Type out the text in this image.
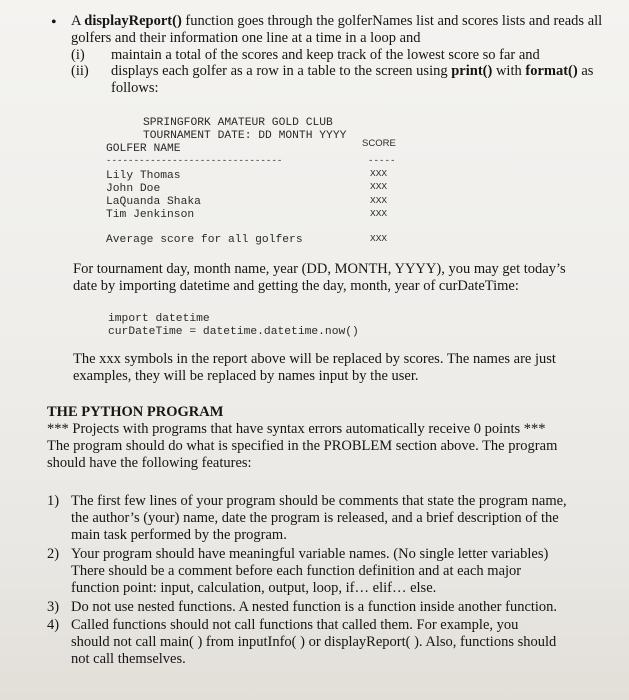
• A displayReport() function goes through the golferNames list and scores lists and reads all
golfers and their information one line at a time in a loop and
(i) maintain a total of the scores and keep track of the lowest score so far and
(ii) displays each golfer as a row in a table to the screen using print() with format() as
follows:
SPRINGFORK AMATEUR GOLD CLUB
TOURNAMENT DATE: DD MONTH YYYY
GOLFER NAME	SCORE
--------------------------------	-----
Lily Thomas	XXX
John Doe	XXX
LaQuanda Shaka	XXX
Tim Jenkinson	XXX
Average score for all golfers	XXX
For tournament day, month name, year (DD, MONTH, YYYY), you may get today’s
date by importing datetime and getting the day, month, year of curDateTime:
import datetime
curDateTime = datetime.datetime.now()
The xxx symbols in the report above will be replaced by scores. The names are just
examples, they will be replaced by names input by the user.
THE PYTHON PROGRAM
*** Projects with programs that have syntax errors automatically receive 0 points ***
The program should do what is specified in the PROBLEM section above. The program
should have the following features:
1) The first few lines of your program should be comments that state the program name,
the author’s (your) name, date the program is released, and a brief description of the
main task performed by the program.
2) Your program should have meaningful variable names. (No single letter variables)
There should be a comment before each function definition and at each major
function point: input, calculation, output, loop, if… elif… else.
3) Do not use nested functions. A nested function is a function inside another function.
4) Called functions should not call functions that called them. For example, you
should not call main( ) from inputInfo( ) or displayReport( ). Also, functions should
not call themselves.
